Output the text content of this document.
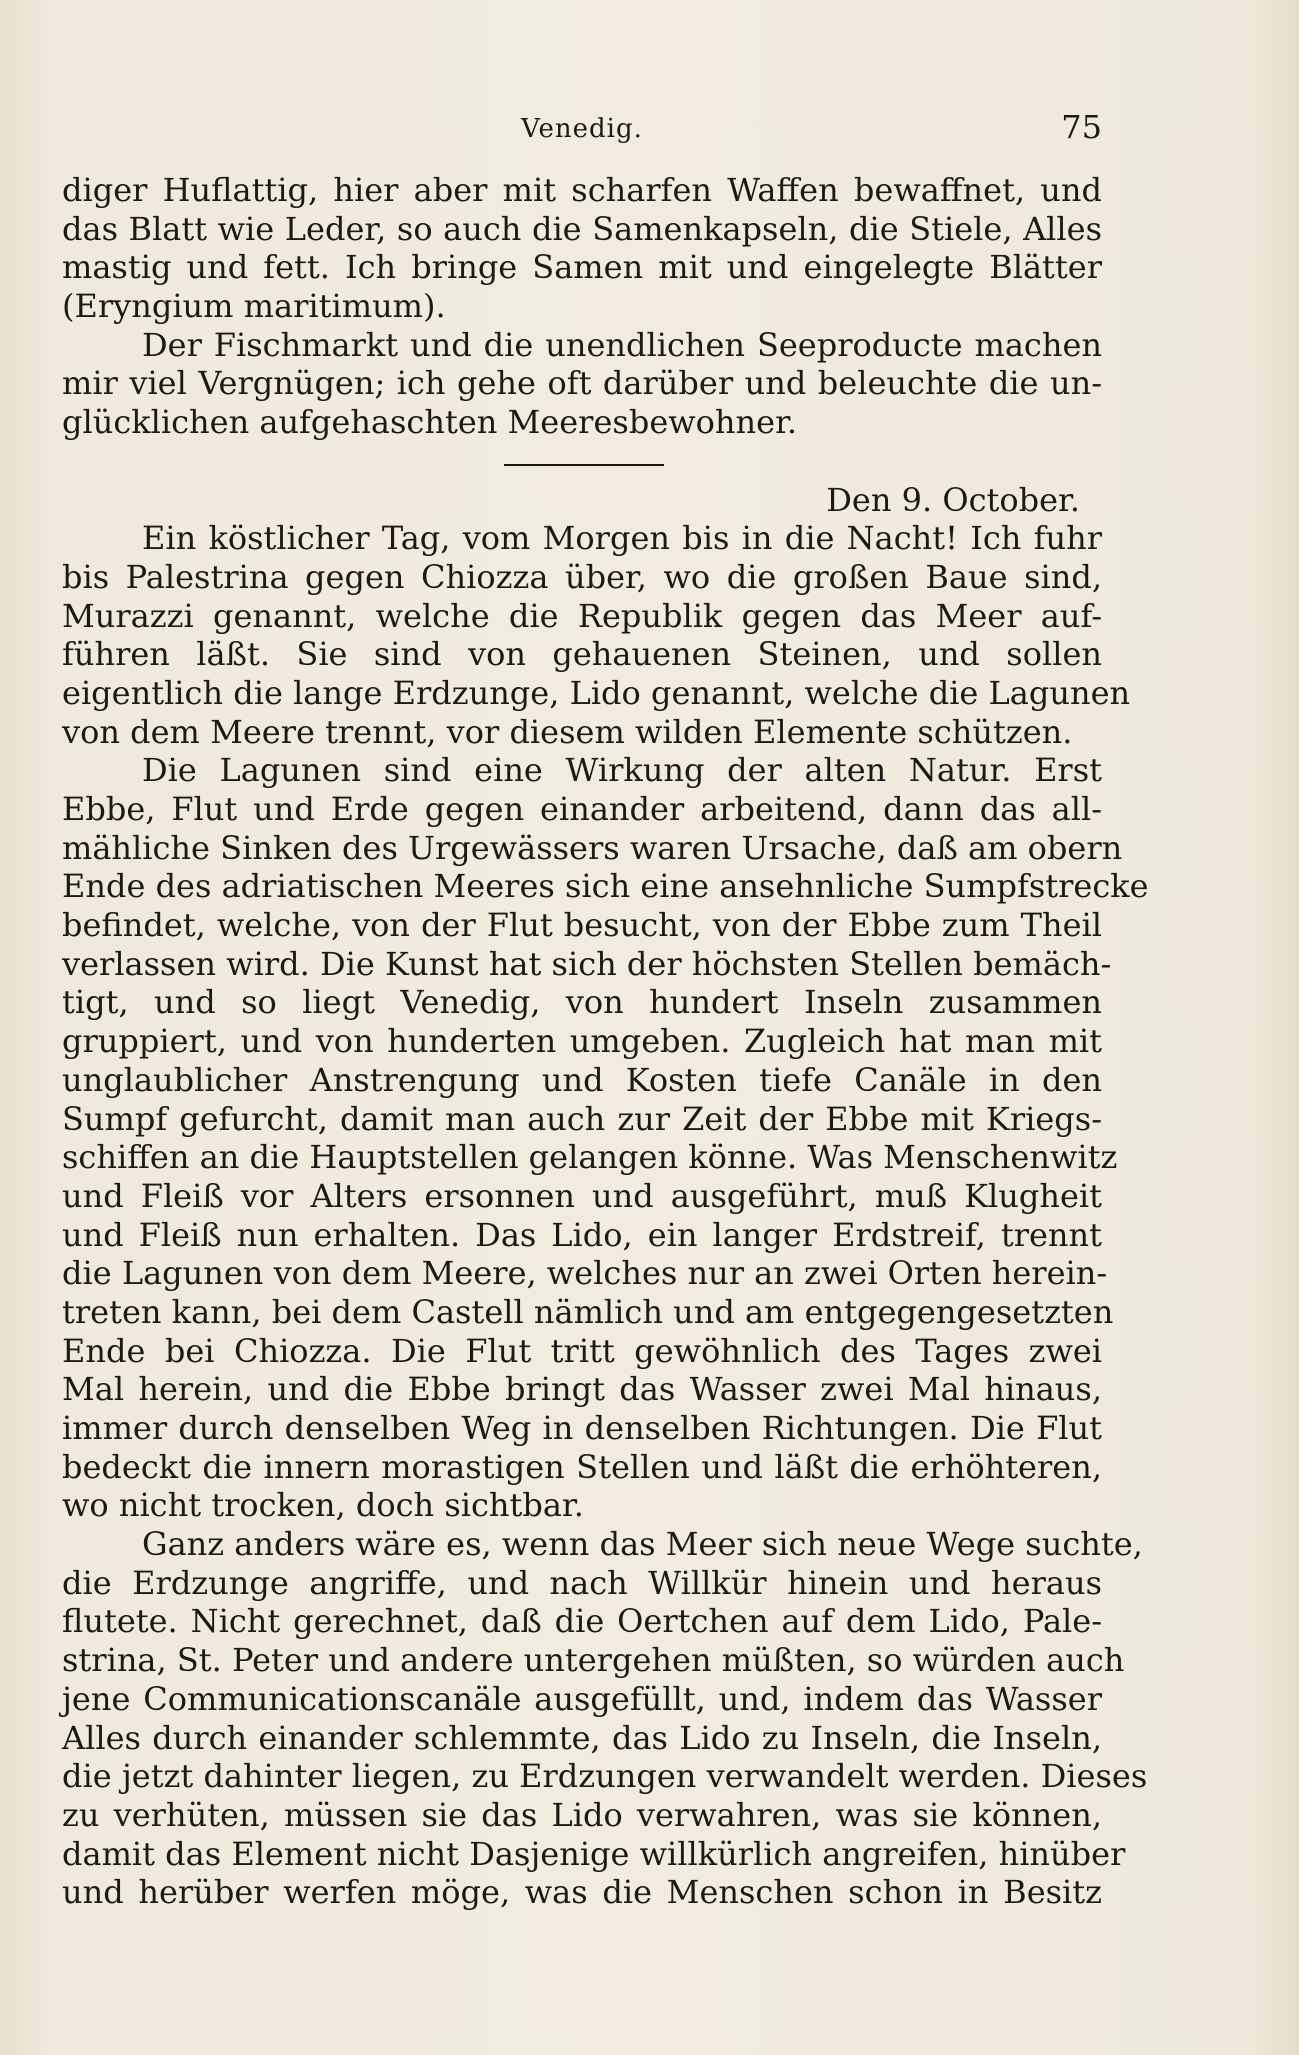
Venedig.	75
diger Huflattig, hier aber mit scharfen Waffen bewaffnet, und
das Blatt wie Leder, so auch die Samenkapseln, die Stiele, Alles
mastig und fett. Ich bringe Samen mit und eingelegte Blätter
(Eryngium maritimum).
Der Fischmarkt und die unendlichen Seeproducte machen
mir viel Vergnügen; ich gehe oft darüber und beleuchte die un-
glücklichen aufgehaschten Meeresbewohner.
Den 9. October.
Ein köstlicher Tag, vom Morgen bis in die Nacht! Ich fuhr
bis Palestrina gegen Chiozza über, wo die großen Baue sind,
Murazzi genannt, welche die Republik gegen das Meer auf-
führen läßt. Sie sind von gehauenen Steinen, und sollen
eigentlich die lange Erdzunge, Lido genannt, welche die Lagunen
von dem Meere trennt, vor diesem wilden Elemente schützen.
Die Lagunen sind eine Wirkung der alten Natur. Erst
Ebbe, Flut und Erde gegen einander arbeitend, dann das all-
mähliche Sinken des Urgewässers waren Ursache, daß am obern
Ende des adriatischen Meeres sich eine ansehnliche Sumpfstrecke
befindet, welche, von der Flut besucht, von der Ebbe zum Theil
verlassen wird. Die Kunst hat sich der höchsten Stellen bemäch-
tigt, und so liegt Venedig, von hundert Inseln zusammen
gruppiert, und von hunderten umgeben. Zugleich hat man mit
unglaublicher Anstrengung und Kosten tiefe Canäle in den
Sumpf gefurcht, damit man auch zur Zeit der Ebbe mit Kriegs-
schiffen an die Hauptstellen gelangen könne. Was Menschenwitz
und Fleiß vor Alters ersonnen und ausgeführt, muß Klugheit
und Fleiß nun erhalten. Das Lido, ein langer Erdstreif, trennt
die Lagunen von dem Meere, welches nur an zwei Orten herein-
treten kann, bei dem Castell nämlich und am entgegengesetzten
Ende bei Chiozza. Die Flut tritt gewöhnlich des Tages zwei
Mal herein, und die Ebbe bringt das Wasser zwei Mal hinaus,
immer durch denselben Weg in denselben Richtungen. Die Flut
bedeckt die innern morastigen Stellen und läßt die erhöhteren,
wo nicht trocken, doch sichtbar.
Ganz anders wäre es, wenn das Meer sich neue Wege suchte,
die Erdzunge angriffe, und nach Willkür hinein und heraus
flutete. Nicht gerechnet, daß die Oertchen auf dem Lido, Pale-
strina, St. Peter und andere untergehen müßten, so würden auch
jene Communicationscanäle ausgefüllt, und, indem das Wasser
Alles durch einander schlemmte, das Lido zu Inseln, die Inseln,
die jetzt dahinter liegen, zu Erdzungen verwandelt werden. Dieses
zu verhüten, müssen sie das Lido verwahren, was sie können,
damit das Element nicht Dasjenige willkürlich angreifen, hinüber
und herüber werfen möge, was die Menschen schon in Besitz
